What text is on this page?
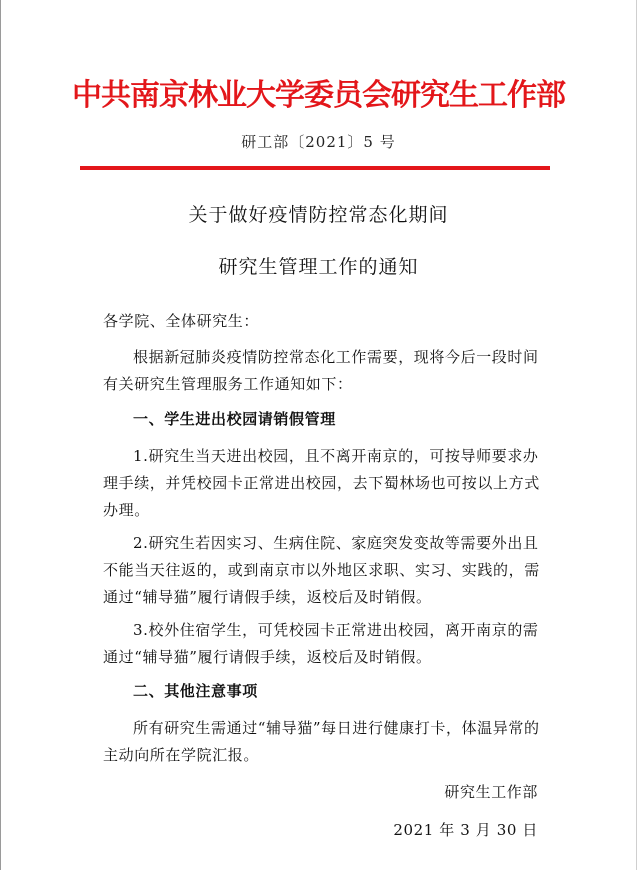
中共南京林业大学委员会研究生工作部
研工部〔2021〕5 号
关于做好疫情防控常态化期间
研究生管理工作的通知
各学院、全体研究生：
根据新冠肺炎疫情防控常态化工作需要，现将今后一段时间有关研究生管理服务工作通知如下：
一、学生进出校园请销假管理
1.研究生当天进出校园，且不离开南京的，可按导师要求办理手续，并凭校园卡正常进出校园，去下蜀林场也可按以上方式办理。
2.研究生若因实习、生病住院、家庭突发变故等需要外出且不能当天往返的，或到南京市以外地区求职、实习、实践的，需通过“辅导猫”履行请假手续，返校后及时销假。
3.校外住宿学生，可凭校园卡正常进出校园，离开南京的需通过“辅导猫”履行请假手续，返校后及时销假。
二、其他注意事项
所有研究生需通过“辅导猫”每日进行健康打卡，体温异常的主动向所在学院汇报。
研究生工作部
2021 年 3 月 30 日
